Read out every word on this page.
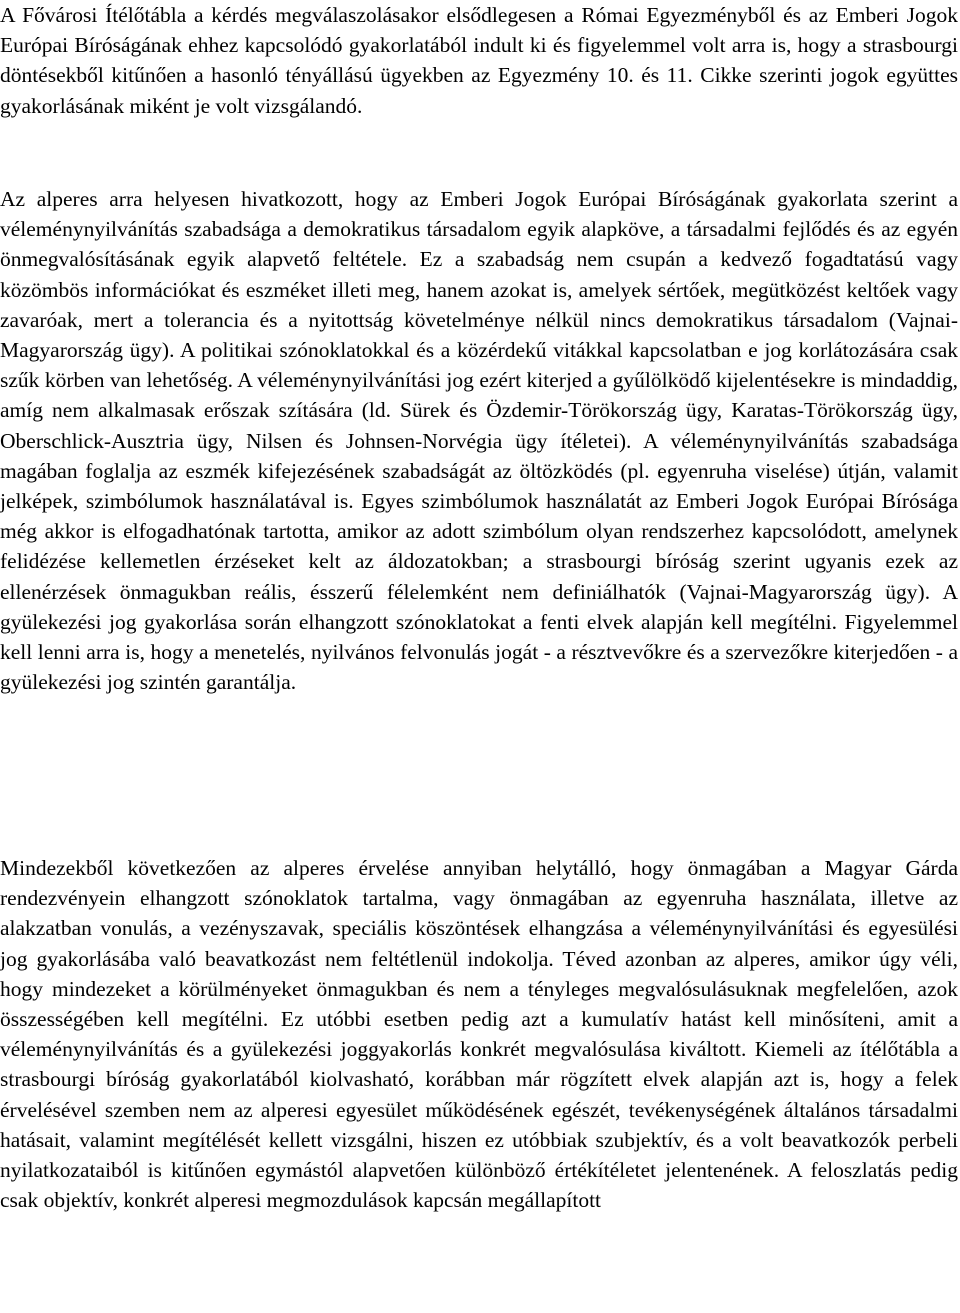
A Fővárosi Ítélőtábla a kérdés megválaszolásakor elsődlegesen a Római Egyezményből és az Emberi Jogok Európai Bíróságának ehhez kapcsolódó gyakorlatából indult ki és figyelemmel volt arra is, hogy a strasbourgi döntésekből kitűnően a hasonló tényállású ügyekben az Egyezmény 10. és 11. Cikke szerinti jogok együttes gyakorlásának miként je volt vizsgálandó.

Az alperes arra helyesen hivatkozott, hogy az Emberi Jogok Európai Bíróságának gyakorlata szerint a véleménynyilvánítás szabadsága a demokratikus társadalom egyik alapköve, a társadalmi fejlődés és az egyén önmegvalósításának egyik alapvető feltétele. Ez a szabadság nem csupán a kedvező fogadtatású vagy közömbös információkat és eszméket illeti meg, hanem azokat is, amelyek sértőek, megütközést keltőek vagy zavaróak, mert a tolerancia és a nyitottság követelménye nélkül nincs demokratikus társadalom (Vajnai-Magyarország ügy). A politikai szónoklatokkal és a közérdekű vitákkal kapcsolatban e jog korlátozására csak szűk körben van lehetőség. A véleménynyilvánítási jog ezért kiterjed a gyűlölködő kijelentésekre is mindaddig, amíg nem alkalmasak erőszak szítására (ld. Sürek és Özdemir-Törökország ügy, Karatas-Törökország ügy, Oberschlick-Ausztria ügy, Nilsen és Johnsen-Norvégia ügy ítéletei). A véleménynyilvánítás szabadsága magában foglalja az eszmék kifejezésének szabadságát az öltözködés (pl. egyenruha viselése) útján, valamit jelképek, szimbólumok használatával is. Egyes szimbólumok használatát az Emberi Jogok Európai Bírósága még akkor is elfogadhatónak tartotta, amikor az adott szimbólum olyan rendszerhez kapcsolódott, amelynek felidézése kellemetlen érzéseket kelt az áldozatokban; a strasbourgi bíróság szerint ugyanis ezek az ellenérzések önmagukban reális, ésszerű félelemként nem definiálhatók (Vajnai-Magyarország ügy). A gyülekezési jog gyakorlása során elhangzott szónoklatokat a fenti elvek alapján kell megítélni. Figyelemmel kell lenni arra is, hogy a menetelés, nyilvános felvonulás jogát - a résztvevőkre és a szervezőkre kiterjedően - a gyülekezési jog szintén garantálja.

Mindezekből következően az alperes érvelése annyiban helytálló, hogy önmagában a Magyar Gárda rendezvényein elhangzott szónoklatok tartalma, vagy önmagában az egyenruha használata, illetve az alakzatban vonulás, a vezényszavak, speciális köszöntések elhangzása a véleménynyilvánítási és egyesülési jog gyakorlásába való beavatkozást nem feltétlenül indokolja. Téved azonban az alperes, amikor úgy véli, hogy mindezeket a körülményeket önmagukban és nem a tényleges megvalósulásuknak megfelelően, azok összességében kell megítélni. Ez utóbbi esetben pedig azt a kumulatív hatást kell minősíteni, amit a véleménynyilvánítás és a gyülekezési joggyakorlás konkrét megvalósulása kiváltott. Kiemeli az ítélőtábla a strasbourgi bíróság gyakorlatából kiolvasható, korábban már rögzített elvek alapján azt is, hogy a felek érvelésével szemben nem az alperesi egyesület működésének egészét, tevékenységének általános társadalmi hatásait, valamint megítélését kellett vizsgálni, hiszen ez utóbbiak szubjektív, és a volt beavatkozók perbeli nyilatkozataiból is kitűnően egymástól alapvetően különböző értékítéletet jelentenének. A feloszlatás pedig csak objektív, konkrét alperesi megmozdulások kapcsán megállapított
